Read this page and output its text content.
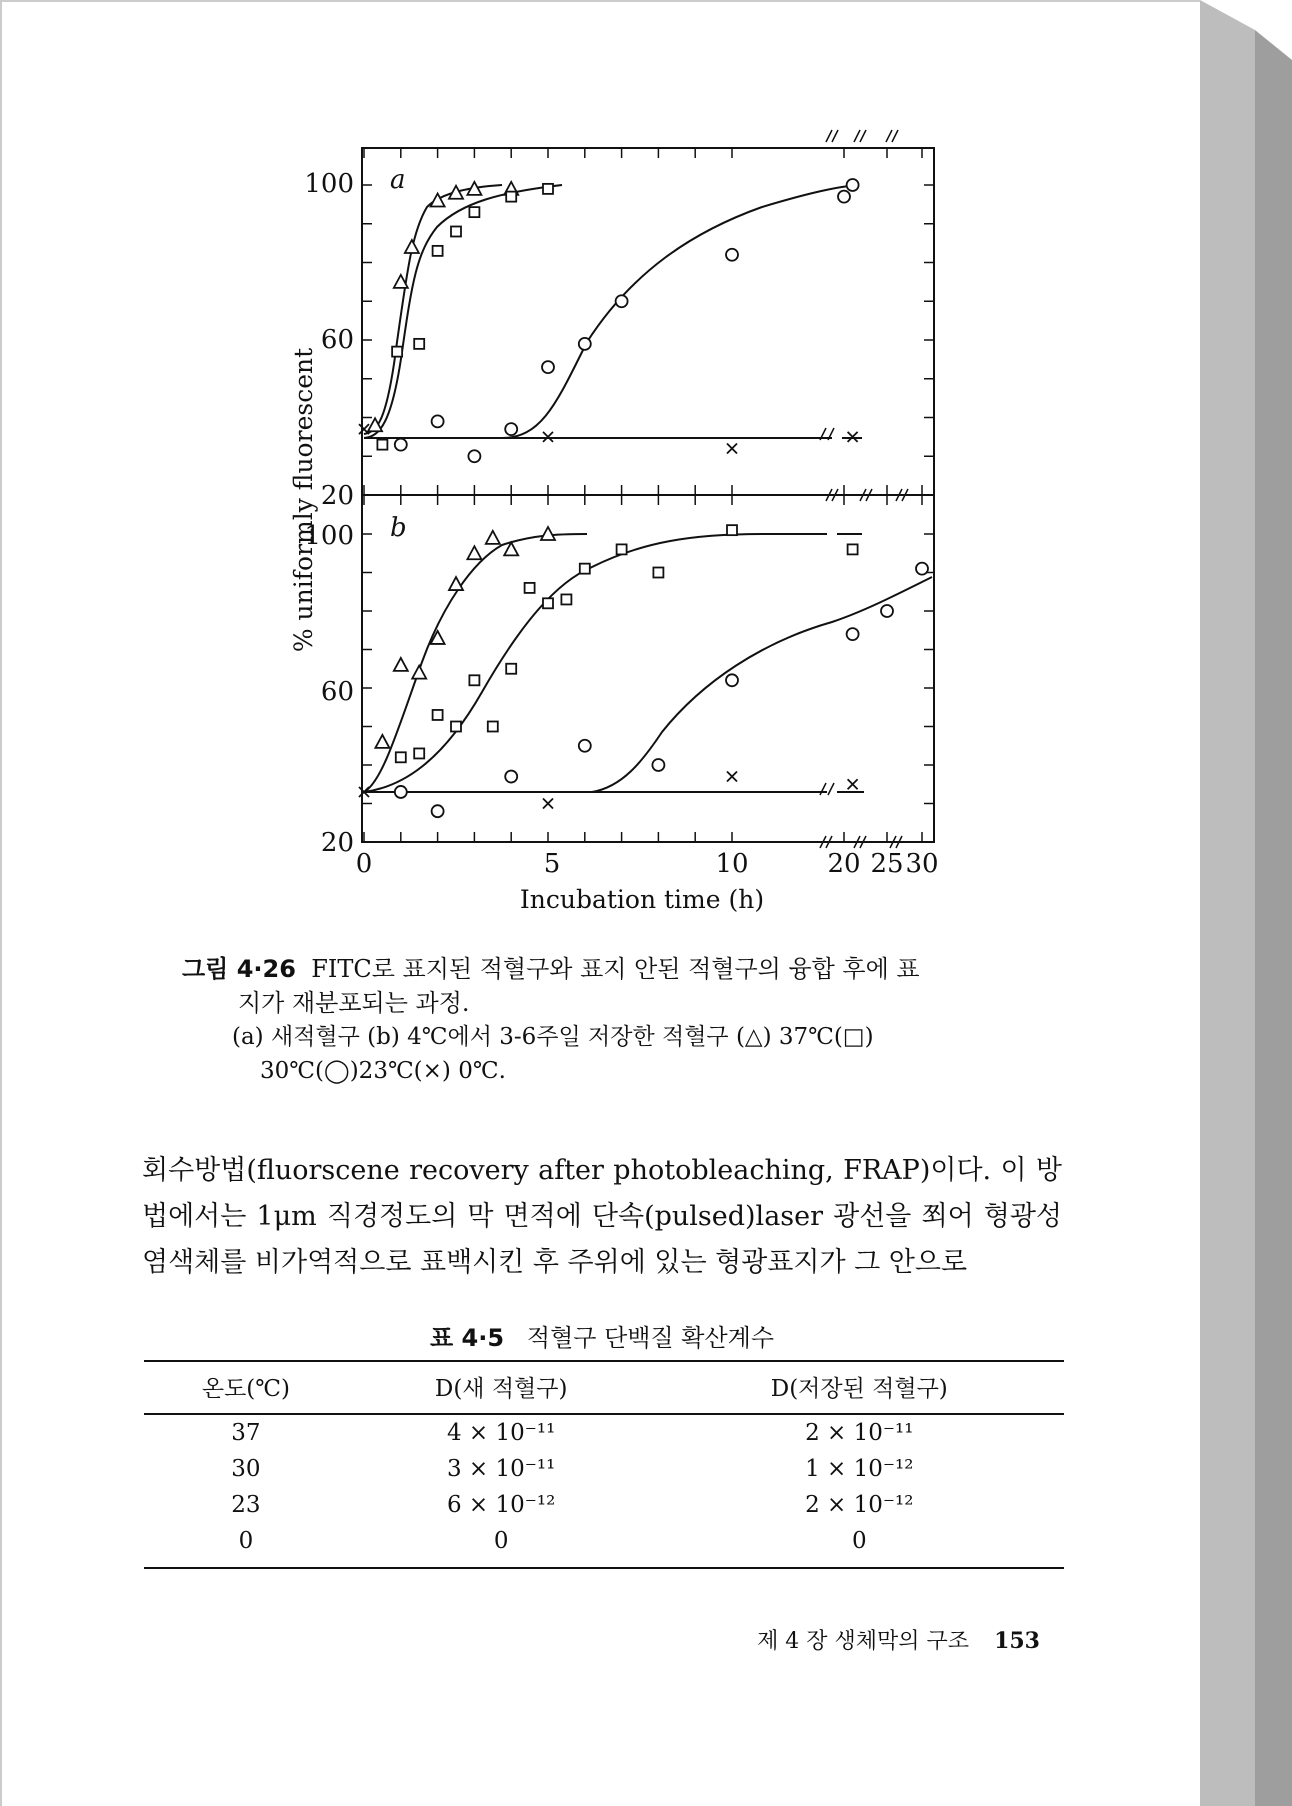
a
b
100
60
20
100
60
20
0	5	10	20 25 30
Incubation time (h)
% uniformly fluorescent
그림 4·26 FITC로 표지된 적혈구와 표지 안된 적혈구의 융합 후에 표
지가 재분포되는 과정.
(a) 새적혈구 (b) 4℃에서 3-6주일 저장한 적혈구 (△) 37℃(□)
30℃(◯)23℃(×) 0℃.
회수방법(fluorscene recovery after photobleaching, FRAP)이다. 이 방법에서는 1μm 직경정도의 막 면적에 단속(pulsed)laser 광선을 쬐어 형광성 염색체를 비가역적으로 표백시킨 후 주위에 있는 형광표지가 그 안으로
표 4·5 적혈구 단백질 확산계수
온도(℃)	D(새 적혈구)	D(저장된 적혈구)
37	4 × 10⁻¹¹	2 × 10⁻¹¹
30	3 × 10⁻¹¹	1 × 10⁻¹²
23	6 × 10⁻¹²	2 × 10⁻¹²
0	0	0
제 4 장 생체막의 구조 153
